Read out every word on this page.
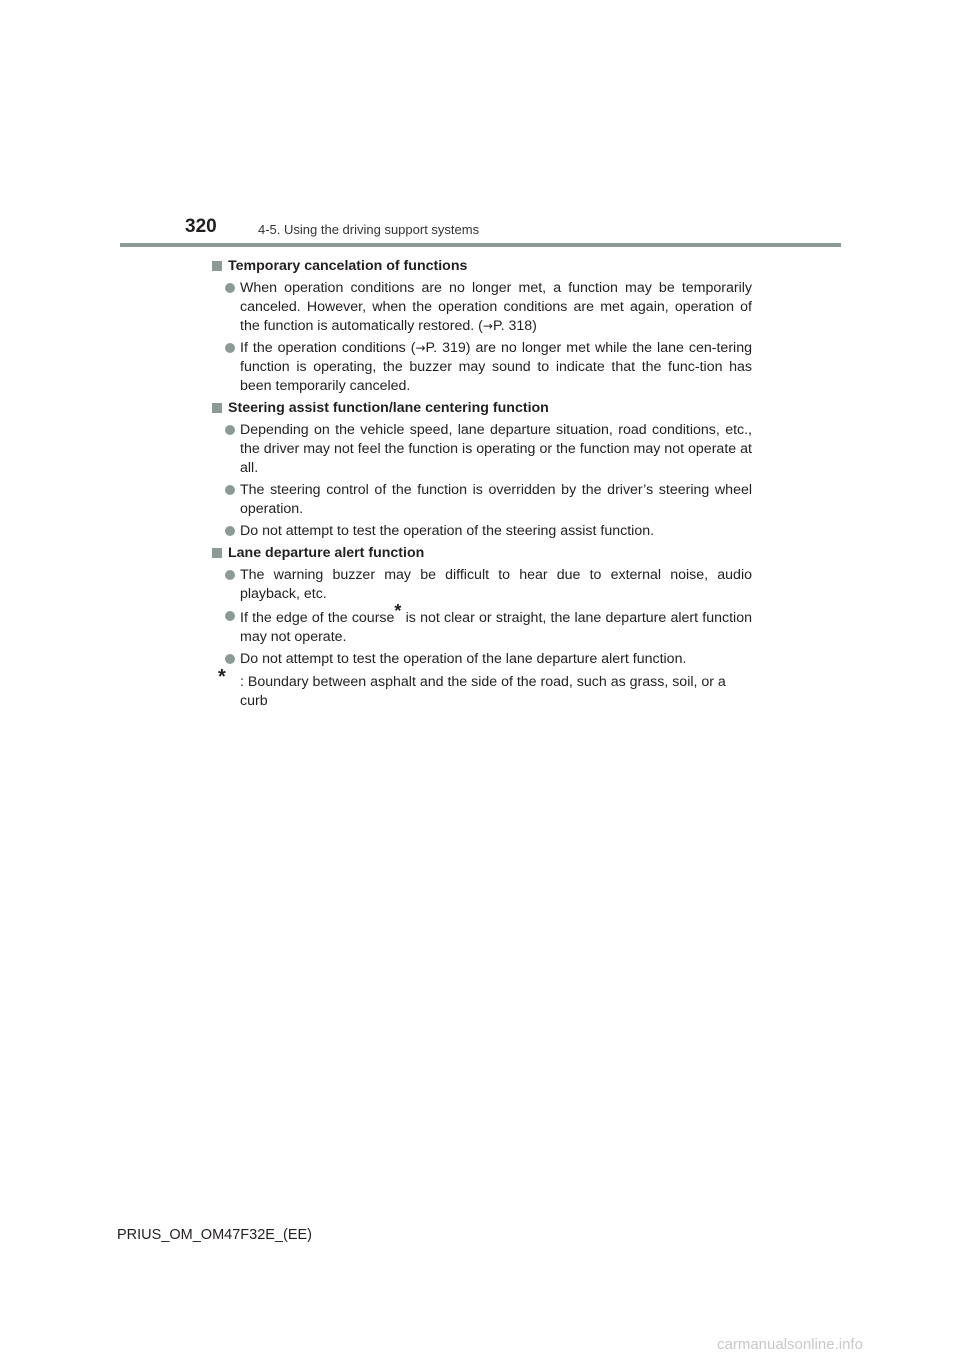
320	4-5. Using the driving support systems
Temporary cancelation of functions
When operation conditions are no longer met, a function may be temporarily canceled. However, when the operation conditions are met again, operation of the function is automatically restored. (→P. 318)
If the operation conditions (→P. 319) are no longer met while the lane cen-tering function is operating, the buzzer may sound to indicate that the func-tion has been temporarily canceled.
Steering assist function/lane centering function
Depending on the vehicle speed, lane departure situation, road conditions, etc., the driver may not feel the function is operating or the function may not operate at all.
The steering control of the function is overridden by the driver’s steering wheel operation.
Do not attempt to test the operation of the steering assist function.
Lane departure alert function
The warning buzzer may be difficult to hear due to external noise, audio playback, etc.
If the edge of the course* is not clear or straight, the lane departure alert function may not operate.
Do not attempt to test the operation of the lane departure alert function.
* : Boundary between asphalt and the side of the road, such as grass, soil, or a curb
PRIUS_OM_OM47F32E_(EE)
carmanualsonline.info
